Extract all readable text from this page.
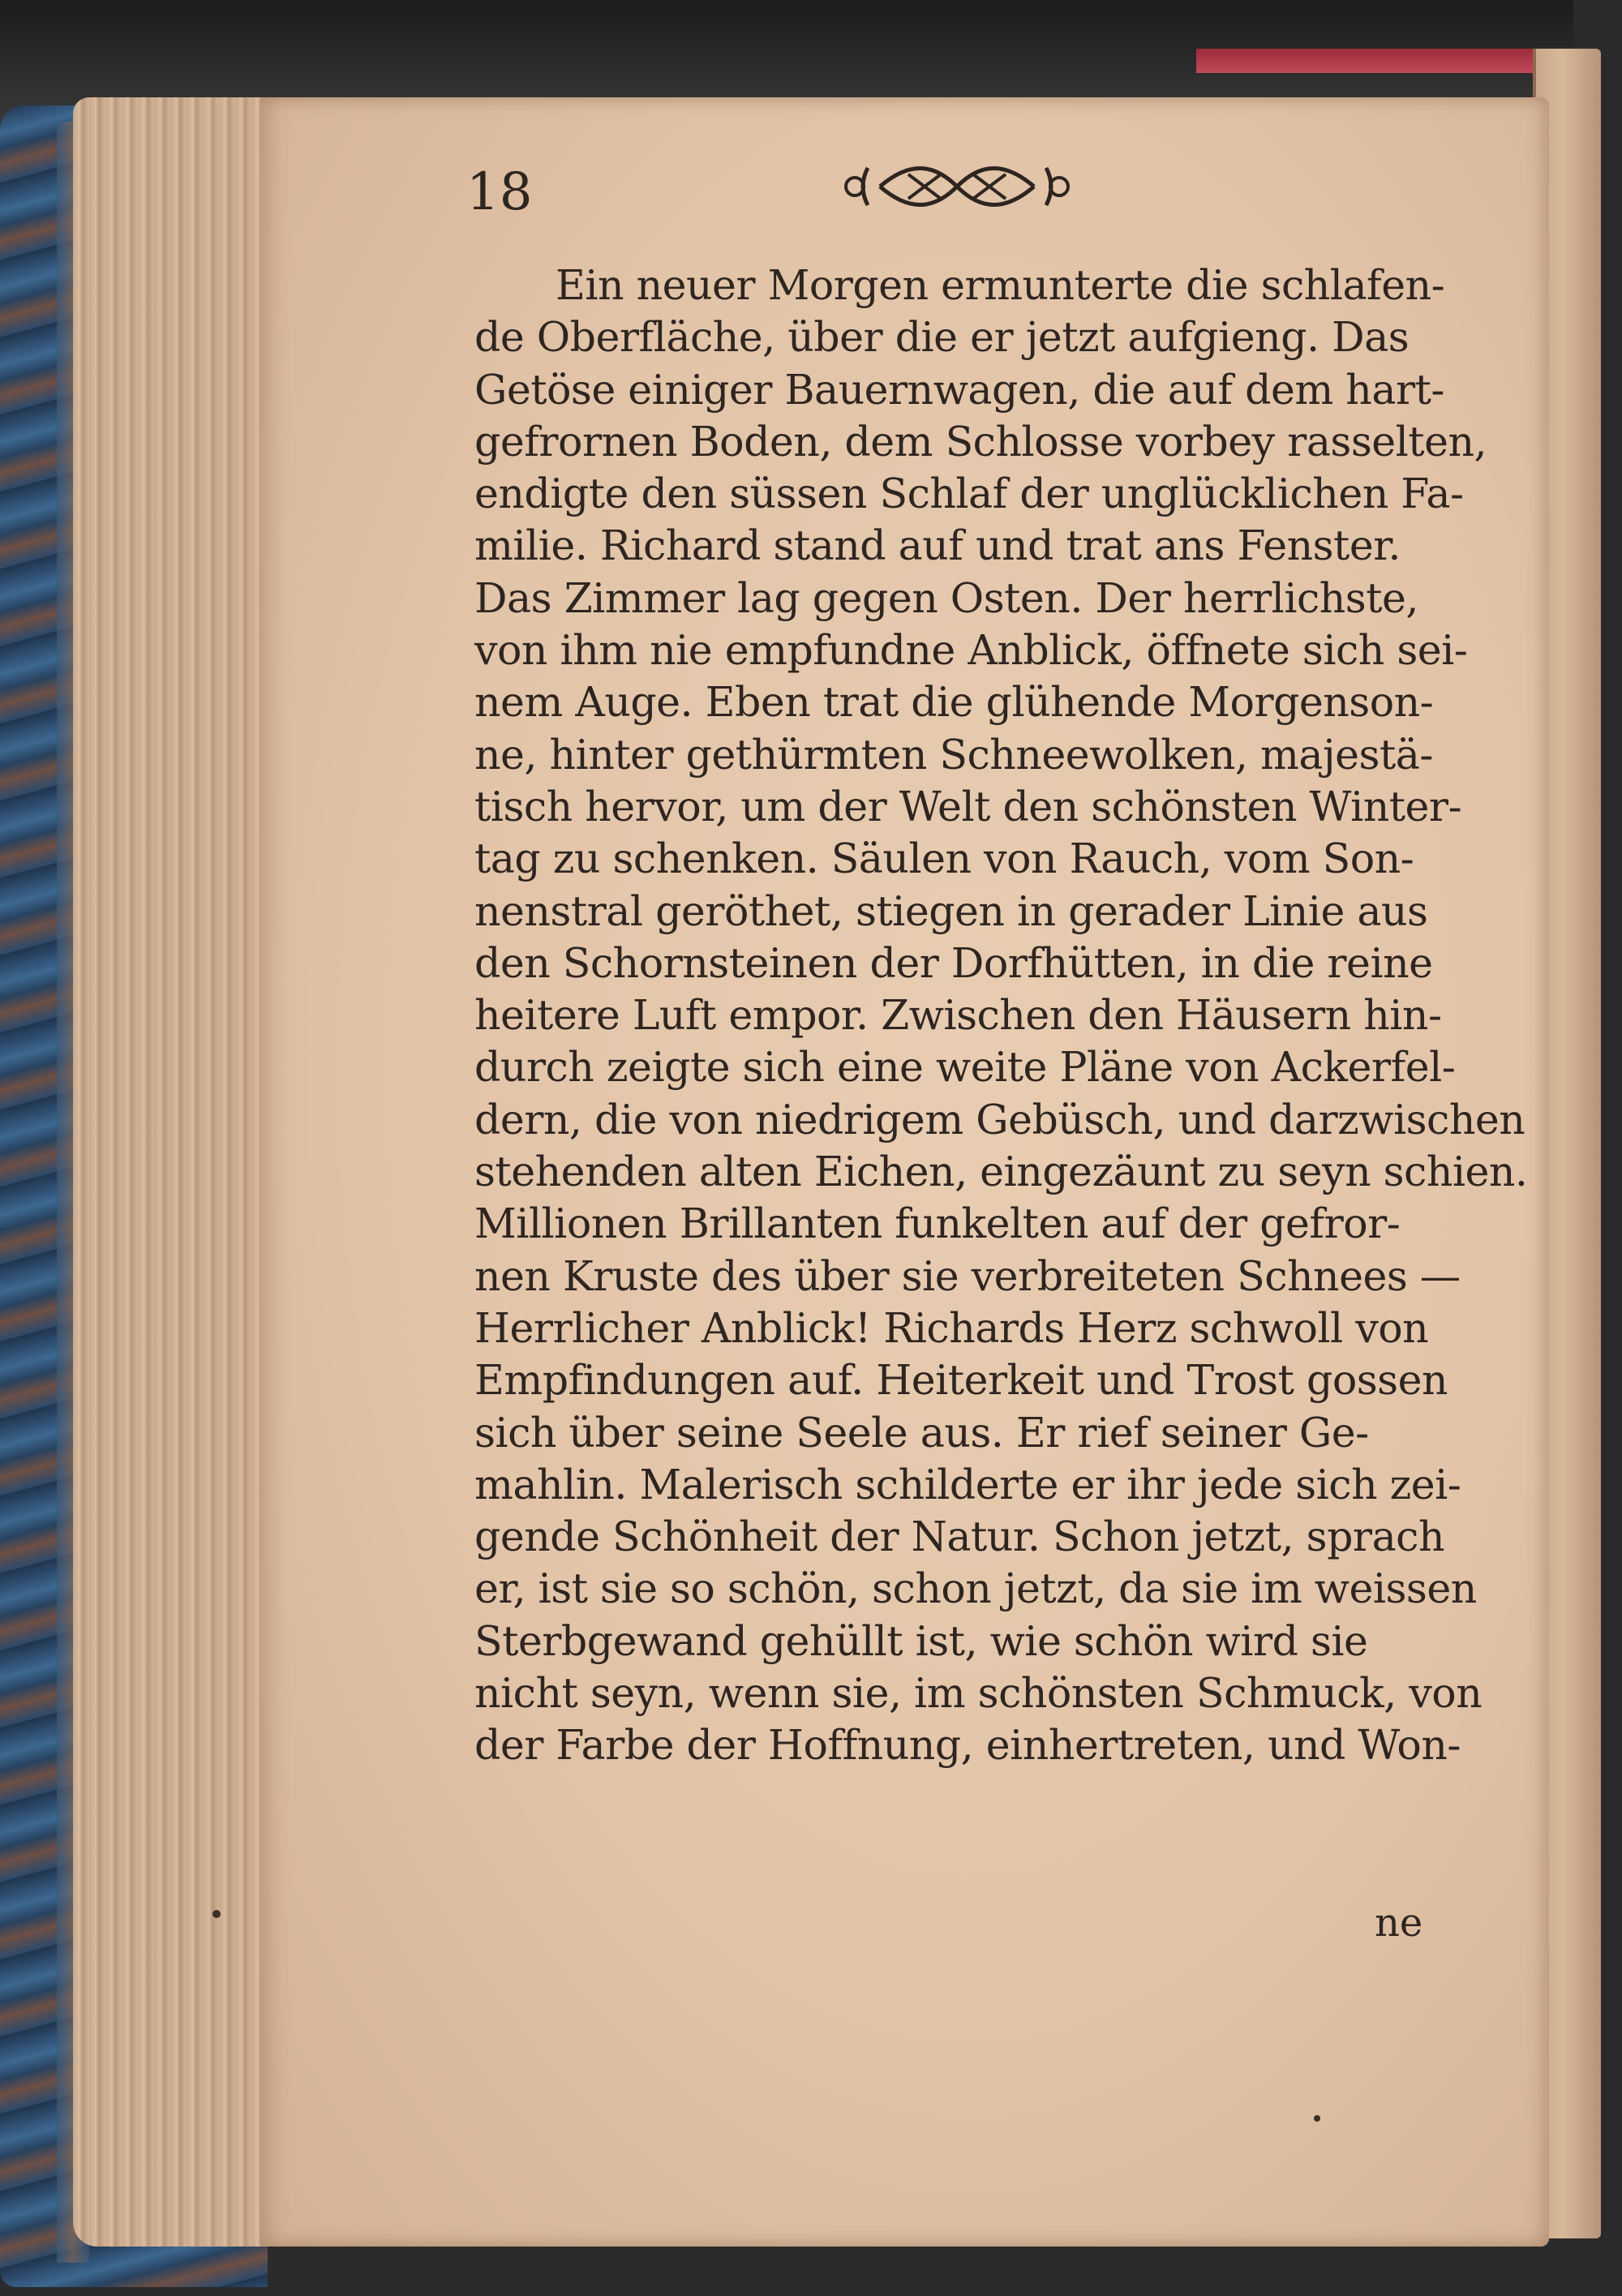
18
Ein neuer Morgen ermunterte die schlafen-
de Oberfläche, über die er jetzt aufgieng. Das
Getöse einiger Bauernwagen, die auf dem hart-
gefrornen Boden, dem Schlosse vorbey rasselten,
endigte den süssen Schlaf der unglücklichen Fa-
milie. Richard stand auf und trat ans Fenster.
Das Zimmer lag gegen Osten. Der herrlichste,
von ihm nie empfundne Anblick, öffnete sich sei-
nem Auge. Eben trat die glühende Morgenson-
ne, hinter gethürmten Schneewolken, majestä-
tisch hervor, um der Welt den schönsten Winter-
tag zu schenken. Säulen von Rauch, vom Son-
nenstral geröthet, stiegen in gerader Linie aus
den Schornsteinen der Dorfhütten, in die reine
heitere Luft empor. Zwischen den Häusern hin-
durch zeigte sich eine weite Pläne von Ackerfel-
dern, die von niedrigem Gebüsch, und darzwischen
stehenden alten Eichen, eingezäunt zu seyn schien.
Millionen Brillanten funkelten auf der gefror-
nen Kruste des über sie verbreiteten Schnees —
Herrlicher Anblick! Richards Herz schwoll von
Empfindungen auf. Heiterkeit und Trost gossen
sich über seine Seele aus. Er rief seiner Ge-
mahlin. Malerisch schilderte er ihr jede sich zei-
gende Schönheit der Natur. Schon jetzt, sprach
er, ist sie so schön, schon jetzt, da sie im weissen
Sterbgewand gehüllt ist, wie schön wird sie
nicht seyn, wenn sie, im schönsten Schmuck, von
der Farbe der Hoffnung, einhertreten, und Won-
ne
